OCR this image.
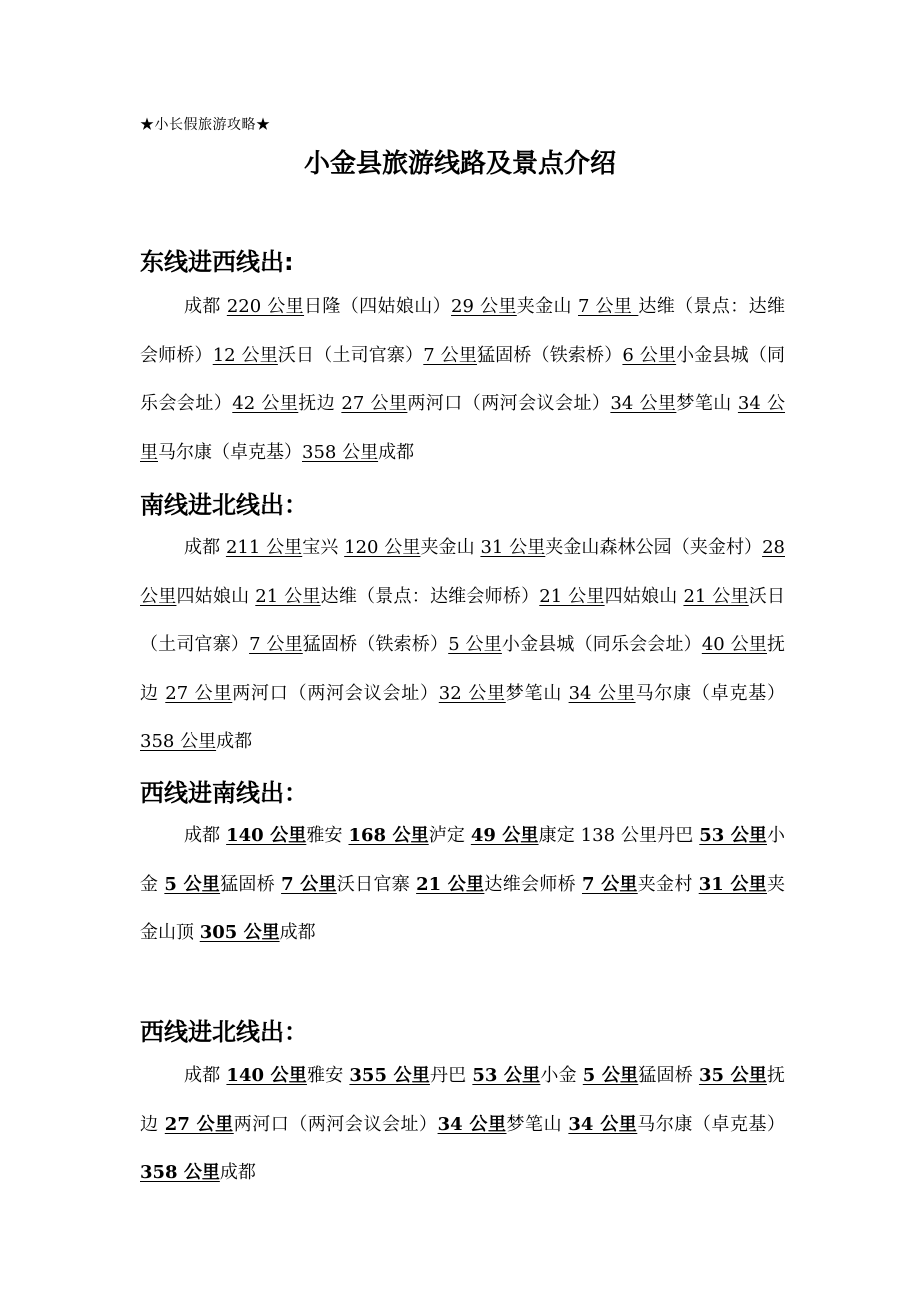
★小长假旅游攻略★
小金县旅游线路及景点介绍
东线进西线出:

成都 220 公里日隆（四姑娘山）29 公里夹金山 7 公里 达维（景点：达维会师桥）12 公里沃日（土司官寨）7 公里猛固桥（铁索桥）6 公里小金县城（同乐会会址）42 公里抚边 27 公里两河口（两河会议会址）34 公里梦笔山 34 公里马尔康（卓克基）358 公里成都

南线进北线出：

成都 211 公里宝兴 120 公里夹金山 31 公里夹金山森林公园（夹金村）28 公里四姑娘山 21 公里达维（景点：达维会师桥）21 公里四姑娘山 21 公里沃日（土司官寨）7 公里猛固桥（铁索桥）5 公里小金县城（同乐会会址）40 公里抚边 27 公里两河口（两河会议会址）32 公里梦笔山 34 公里马尔康（卓克基）358 公里成都

西线进南线出：

成都 140 公里雅安 168 公里泸定 49 公里康定 138 公里丹巴 53 公里小金 5 公里猛固桥 7 公里沃日官寨 21 公里达维会师桥 7 公里夹金村 31 公里夹金山顶 305 公里成都

西线进北线出：

成都 140 公里雅安 355 公里丹巴 53 公里小金 5 公里猛固桥 35 公里抚边 27 公里两河口（两河会议会址）34 公里梦笔山 34 公里马尔康（卓克基）358 公里成都
